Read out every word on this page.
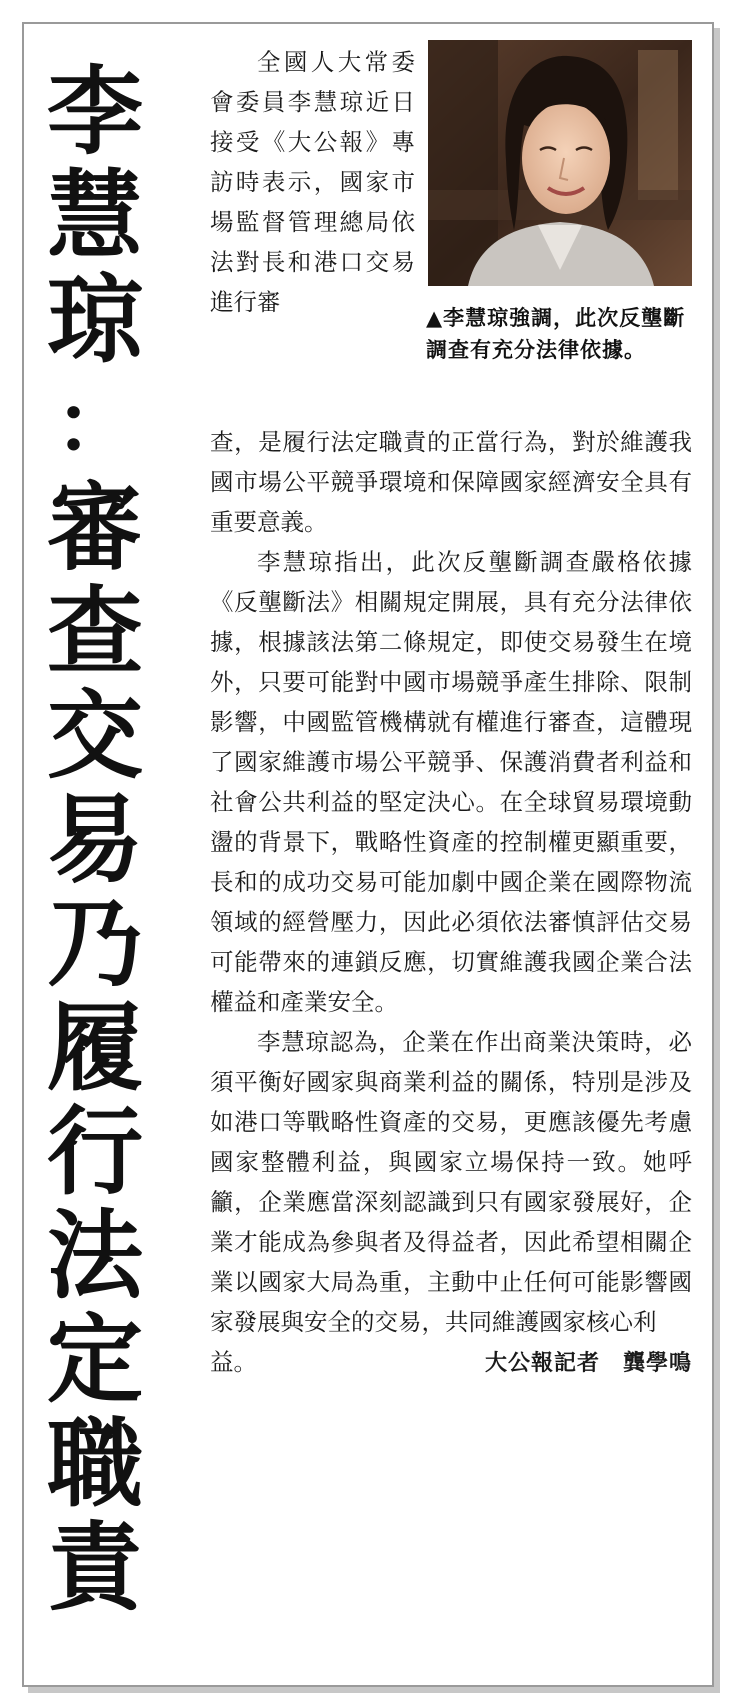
李
慧
琼
：
審
查
交
易
乃
履
行
法
定
職
責
▲李慧琼強調，此次反壟斷調查有充分法律依據。

全國人大常委會委員李慧琼近日接受《大公報》專訪時表示，國家市場監督管理總局依法對長和港口交易進行審

查，是履行法定職責的正當行為，對於維護我國市場公平競爭環境和保障國家經濟安全具有重要意義。

李慧琼指出，此次反壟斷調查嚴格依據《反壟斷法》相關規定開展，具有充分法律依據，根據該法第二條規定，即使交易發生在境外，只要可能對中國市場競爭產生排除、限制影響，中國監管機構就有權進行審查，這體現了國家維護市場公平競爭、保護消費者利益和社會公共利益的堅定決心。在全球貿易環境動盪的背景下，戰略性資產的控制權更顯重要，長和的成功交易可能加劇中國企業在國際物流領域的經營壓力，因此必須依法審慎評估交易可能帶來的連鎖反應，切實維護我國企業合法權益和產業安全。

李慧琼認為，企業在作出商業決策時，必須平衡好國家與商業利益的關係，特別是涉及如港口等戰略性資產的交易，更應該優先考慮國家整體利益，與國家立場保持一致。她呼籲，企業應當深刻認識到只有國家發展好，企業才能成為參與者及得益者，因此希望相關企業以國家大局為重，主動中止任何可能影響國家發展與安全的交易，共同維護國家核心利

益。	大公報記者　龔學鳴
